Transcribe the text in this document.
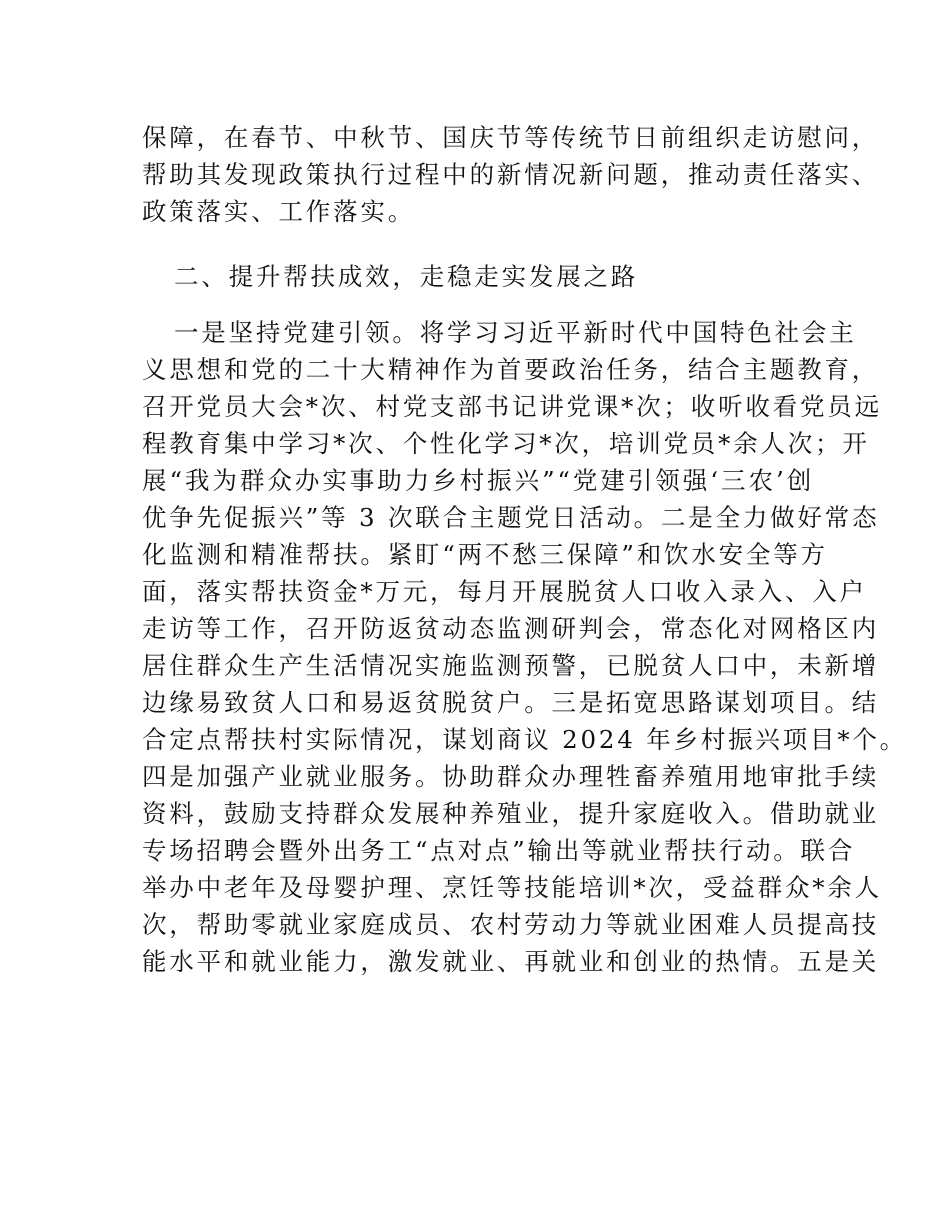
保障，在春节、中秋节、国庆节等传统节日前组织走访慰问，
帮助其发现政策执行过程中的新情况新问题，推动责任落实、
政策落实、工作落实。
二、提升帮扶成效，走稳走实发展之路
一是坚持党建引领。将学习习近平新时代中国特色社会主
义思想和党的二十大精神作为首要政治任务，结合主题教育，
召开党员大会*次、村党支部书记讲党课*次；收听收看党员远
程教育集中学习*次、个性化学习*次，培训党员*余人次；开
展“我为群众办实事助力乡村振兴”“党建引领强‘三农’创
优争先促振兴”等 3 次联合主题党日活动。二是全力做好常态
化监测和精准帮扶。紧盯“两不愁三保障”和饮水安全等方
面，落实帮扶资金*万元，每月开展脱贫人口收入录入、入户
走访等工作，召开防返贫动态监测研判会，常态化对网格区内
居住群众生产生活情况实施监测预警，已脱贫人口中，未新增
边缘易致贫人口和易返贫脱贫户。三是拓宽思路谋划项目。结
合定点帮扶村实际情况，谋划商议 2024 年乡村振兴项目*个。
四是加强产业就业服务。协助群众办理牲畜养殖用地审批手续
资料，鼓励支持群众发展种养殖业，提升家庭收入。借助就业
专场招聘会暨外出务工“点对点”输出等就业帮扶行动。联合
举办中老年及母婴护理、烹饪等技能培训*次，受益群众*余人
次，帮助零就业家庭成员、农村劳动力等就业困难人员提高技
能水平和就业能力，激发就业、再就业和创业的热情。五是关
